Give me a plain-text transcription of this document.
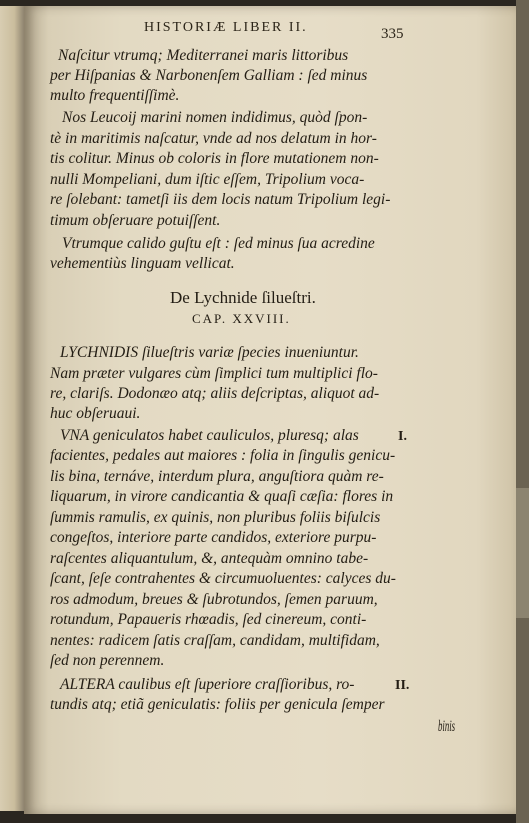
HISTORIÆ LIBER II.	335
Naſcitur vtrumq; Mediterranei maris littoribus
per Hiſpanias & Narbonenſem Galliam : ſed minus
multo frequentiſſimè.
Nos Leucoij marini nomen indidimus, quòd ſpon-
tè in maritimis naſcatur, vnde ad nos delatum in hor-
tis colitur. Minus ob coloris in flore mutationem non-
nulli Mompeliani, dum iſtic eſſem, Tripolium voca-
re ſolebant: tametſi iis dem locis natum Tripolium legi-
timum obſeruare potuiſſent.
Vtrumque calido guſtu eſt : ſed minus ſua acredine
vehementiùs linguam vellicat.
De Lychnide ſilueſtri.
CAP. XXVIII.
LYCHNIDIS ſilueſtris variæ ſpecies inueniuntur.
Nam præter vulgares cùm ſimplici tum multiplici flo-
re, clariſs. Dodonæo atq; aliis deſcriptas, aliquot ad-
huc obſeruaui.
VNA geniculatos habet cauliculos, pluresq; alas
facientes, pedales aut maiores : folia in ſingulis genicu-
lis bina, ternáve, interdum plura, anguſtiora quàm re-
liquarum, in virore candicantia & quaſi cæſia: flores in
ſummis ramulis, ex quinis, non pluribus foliis biſulcis
congeſtos, interiore parte candidos, exteriore purpu-
raſcentes aliquantulum, &, antequàm omnino tabe-
ſcant, ſeſe contrahentes & circumuoluentes: calyces du-
ros admodum, breues & ſubrotundos, ſemen paruum,
rotundum, Papaueris rhœadis, ſed cinereum, conti-
nentes: radicem ſatis craſſam, candidam, multifidam,
ſed non perennem.
ALTERA caulibus eſt ſuperiore craſſioribus, ro-
tundis atq; etiã geniculatis: foliis per genicula ſemper
binis
I.
II.
